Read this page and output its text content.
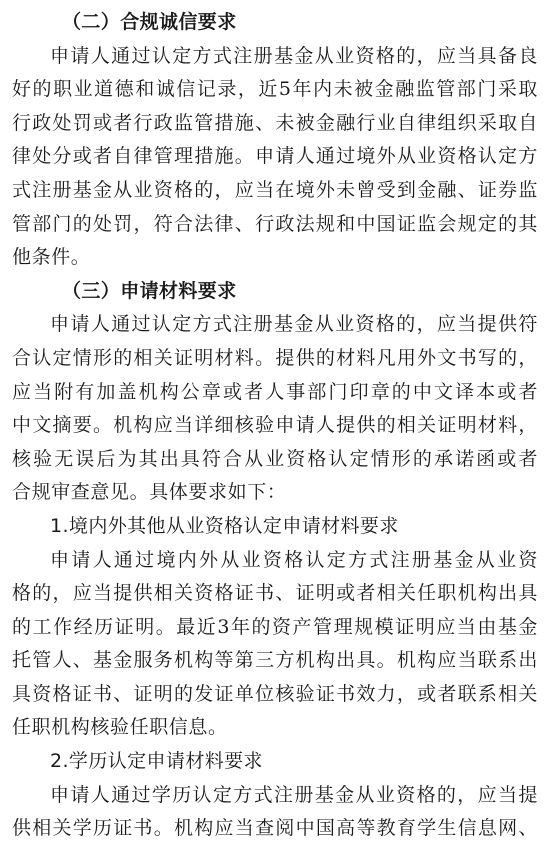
（二）合规诚信要求
申请人通过认定方式注册基金从业资格的，应当具备良
好的职业道德和诚信记录，近5年内未被金融监管部门采取
行政处罚或者行政监管措施、未被金融行业自律组织采取自
律处分或者自律管理措施。申请人通过境外从业资格认定方
式注册基金从业资格的，应当在境外未曾受到金融、证券监
管部门的处罚，符合法律、行政法规和中国证监会规定的其
他条件。
（三）申请材料要求
申请人通过认定方式注册基金从业资格的，应当提供符
合认定情形的相关证明材料。提供的材料凡用外文书写的，
应当附有加盖机构公章或者人事部门印章的中文译本或者
中文摘要。机构应当详细核验申请人提供的相关证明材料，
核验无误后为其出具符合从业资格认定情形的承诺函或者
合规审查意见。具体要求如下：
1.境内外其他从业资格认定申请材料要求
申请人通过境内外从业资格认定方式注册基金从业资
格的，应当提供相关资格证书、证明或者相关任职机构出具
的工作经历证明。最近3年的资产管理规模证明应当由基金
托管人、基金服务机构等第三方机构出具。机构应当联系出
具资格证书、证明的发证单位核验证书效力，或者联系相关
任职机构核验任职信息。
2.学历认定申请材料要求
申请人通过学历认定方式注册基金从业资格的，应当提
供相关学历证书。机构应当查阅中国高等教育学生信息网、
